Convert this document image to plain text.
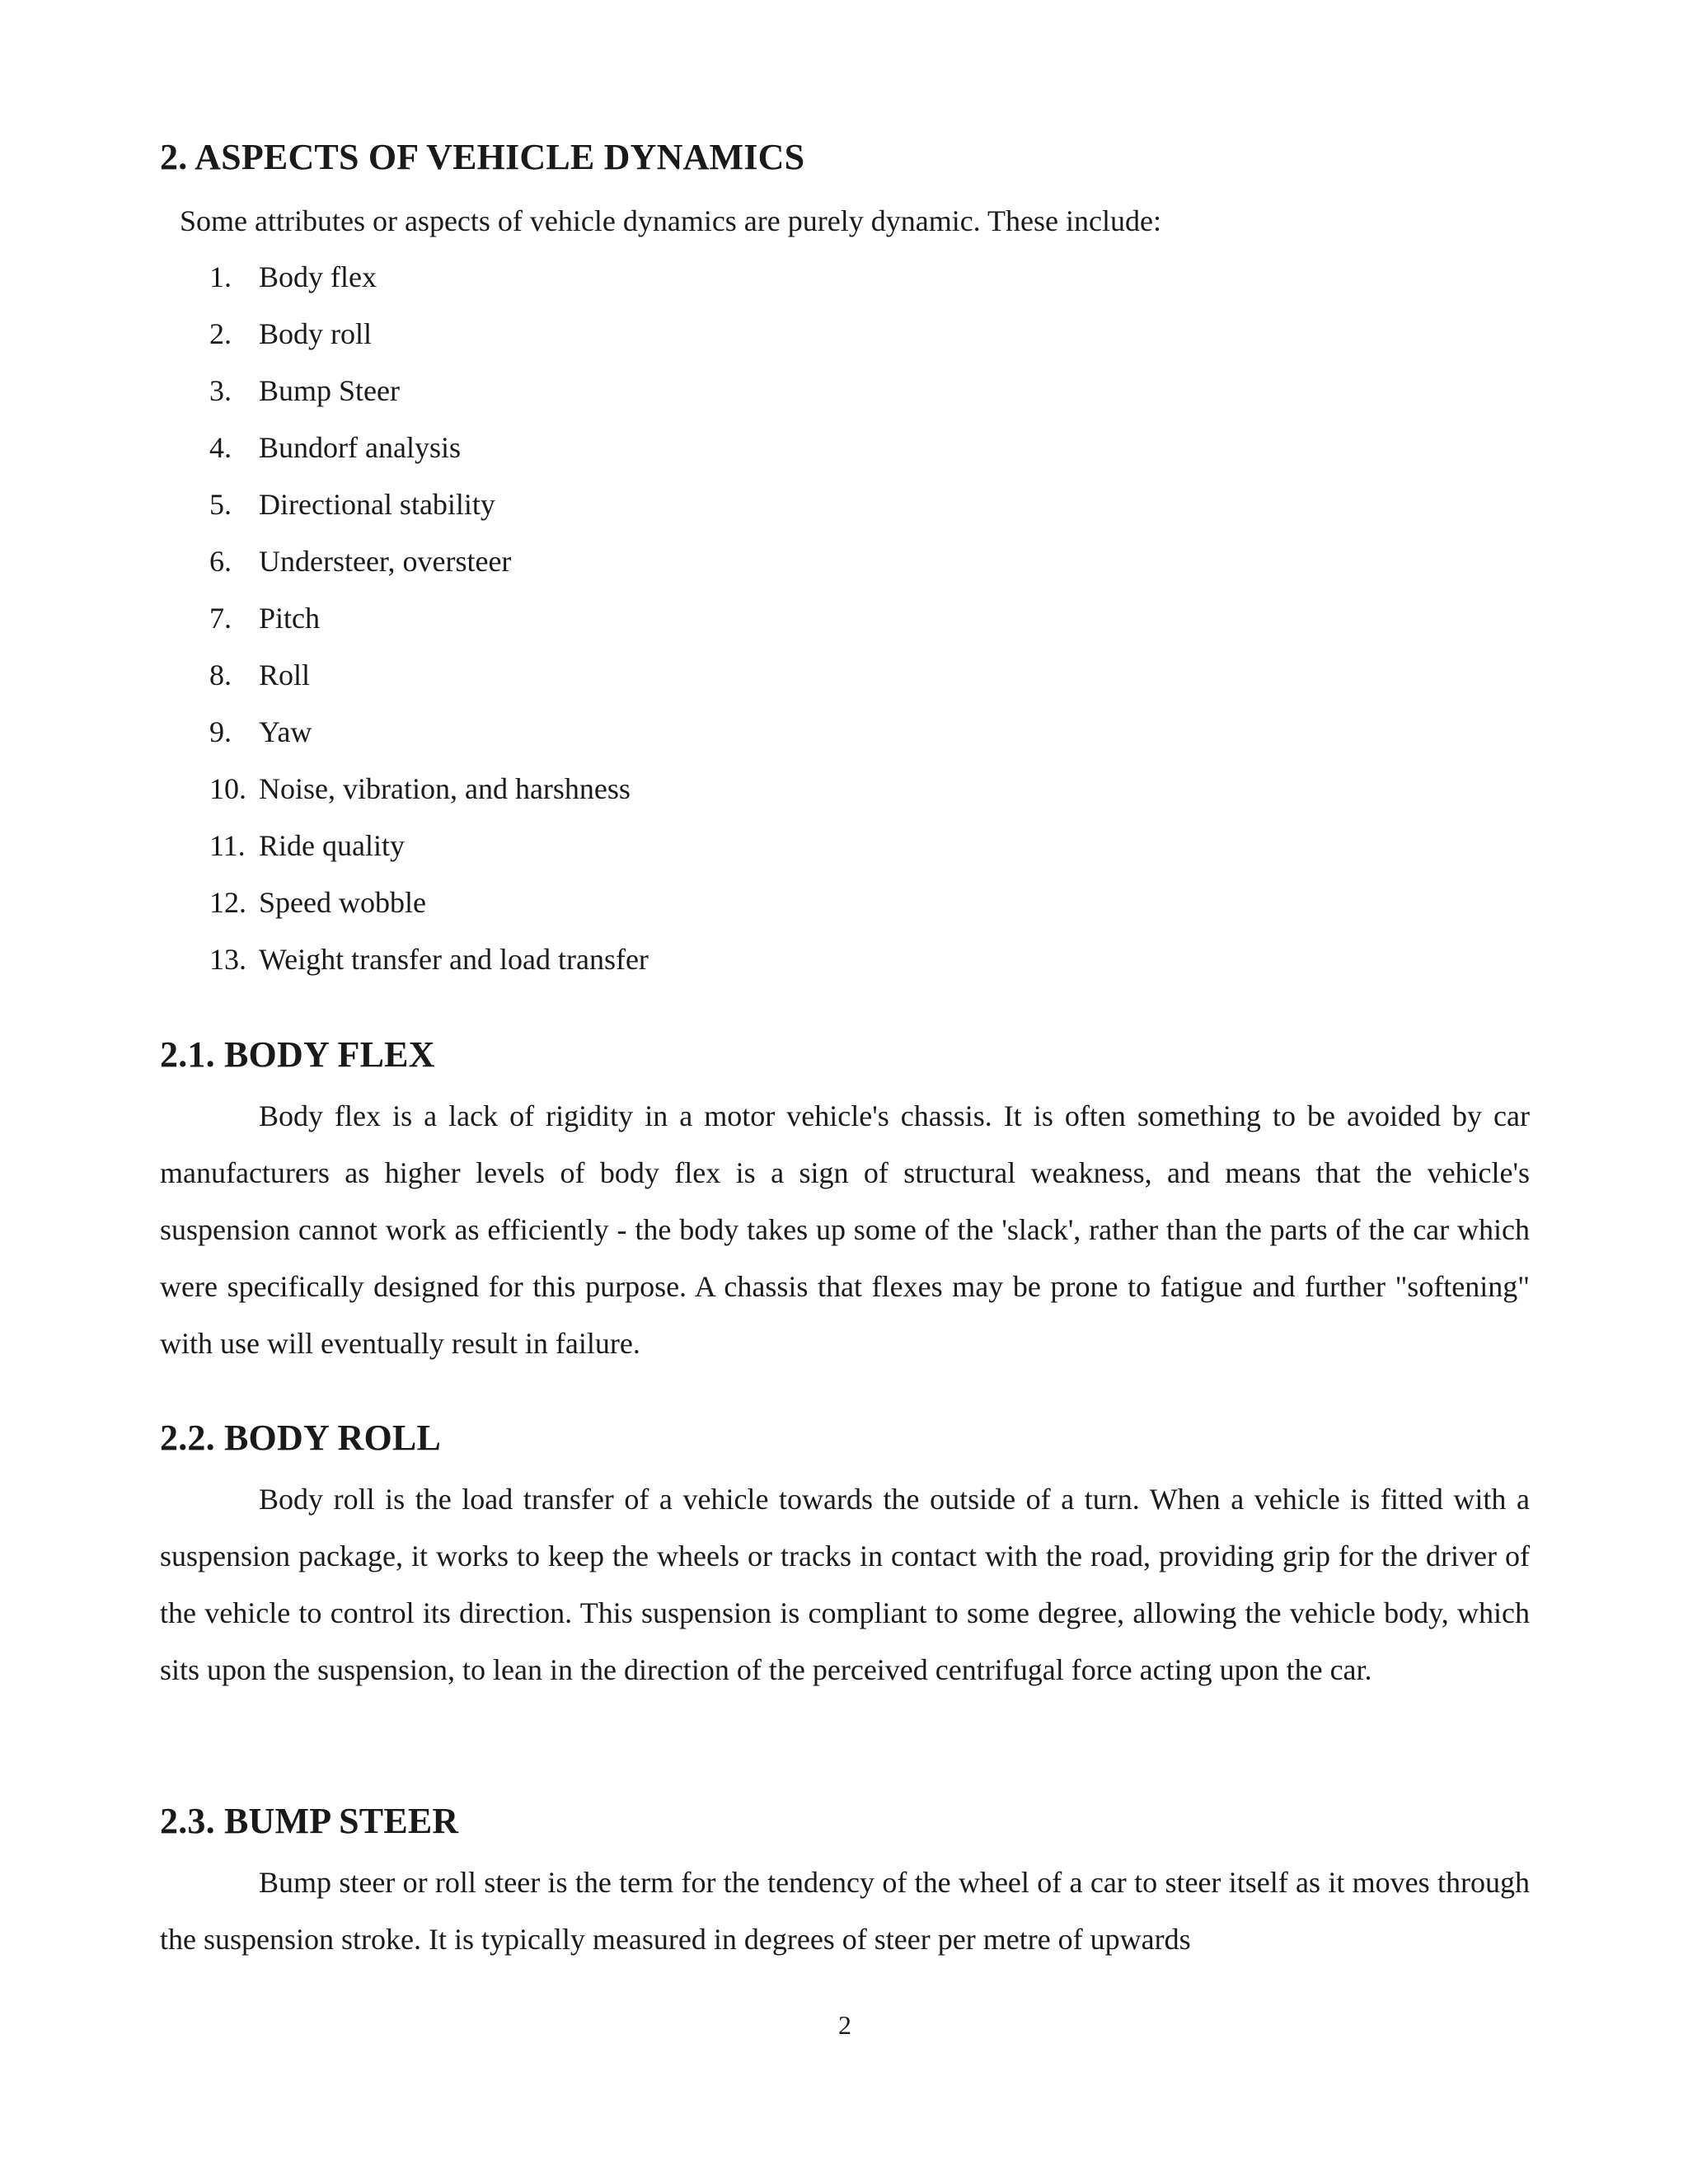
2. ASPECTS OF VEHICLE DYNAMICS

Some attributes or aspects of vehicle dynamics are purely dynamic. These include:

1. Body flex
2. Body roll
3. Bump Steer
4. Bundorf analysis
5. Directional stability
6. Understeer, oversteer
7. Pitch
8. Roll
9. Yaw
10. Noise, vibration, and harshness
11. Ride quality
12. Speed wobble
13. Weight transfer and load transfer
2.1. BODY FLEX

Body flex is a lack of rigidity in a motor vehicle's chassis. It is often something to be avoided by car manufacturers as higher levels of body flex is a sign of structural weakness, and means that the vehicle's suspension cannot work as efficiently - the body takes up some of the 'slack', rather than the parts of the car which were specifically designed for this purpose. A chassis that flexes may be prone to fatigue and further "softening" with use will eventually result in failure.

2.2. BODY ROLL

Body roll is the load transfer of a vehicle towards the outside of a turn. When a vehicle is fitted with a suspension package, it works to keep the wheels or tracks in contact with the road, providing grip for the driver of the vehicle to control its direction. This suspension is compliant to some degree, allowing the vehicle body, which sits upon the suspension, to lean in the direction of the perceived centrifugal force acting upon the car.

2.3. BUMP STEER

Bump steer or roll steer is the term for the tendency of the wheel of a car to steer itself as it moves through the suspension stroke. It is typically measured in degrees of steer per metre of upwards

2
